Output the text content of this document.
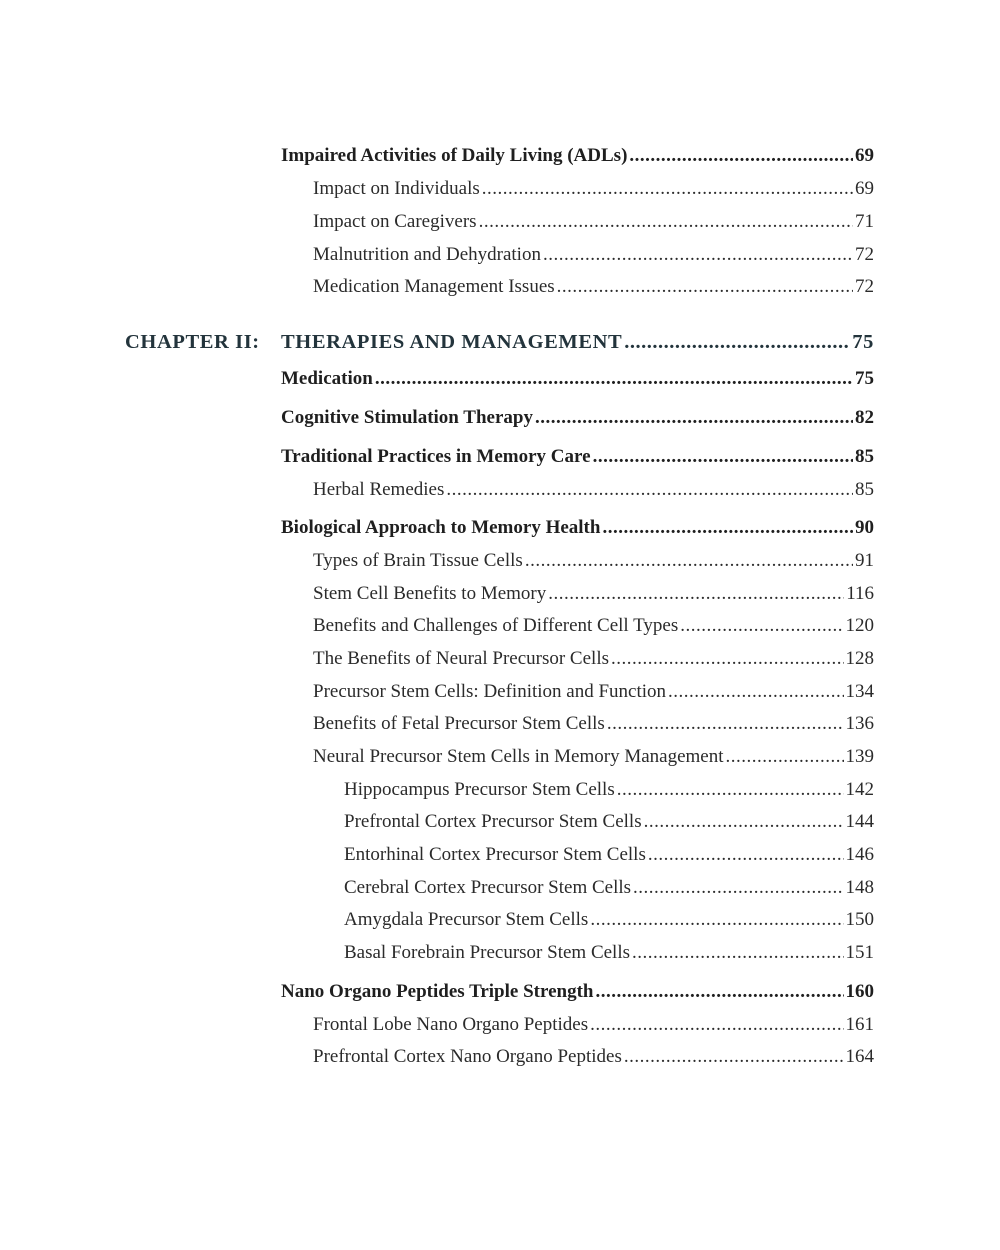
Impaired Activities of Daily Living (ADLs) .....	69
Impact on Individuals .....	69
Impact on Caregivers .....	71
Malnutrition and Dehydration .....	72
Medication Management Issues .....	72
CHAPTER II: THERAPIES AND MANAGEMENT .....	75
Medication .....	75
Cognitive Stimulation Therapy .....	82
Traditional Practices in Memory Care .....	85
Herbal Remedies .....	85
Biological Approach to Memory Health .....	90
Types of Brain Tissue Cells .....	91
Stem Cell Benefits to Memory .....	116
Benefits and Challenges of Different Cell Types .....	120
The Benefits of Neural Precursor Cells .....	128
Precursor Stem Cells: Definition and Function .....	134
Benefits of Fetal Precursor Stem Cells .....	136
Neural Precursor Stem Cells in Memory Management .....	139
Hippocampus Precursor Stem Cells .....	142
Prefrontal Cortex Precursor Stem Cells .....	144
Entorhinal Cortex Precursor Stem Cells .....	146
Cerebral Cortex Precursor Stem Cells .....	148
Amygdala Precursor Stem Cells .....	150
Basal Forebrain Precursor Stem Cells .....	151
Nano Organo Peptides Triple Strength .....	160
Frontal Lobe Nano Organo Peptides .....	161
Prefrontal Cortex Nano Organo Peptides .....	164
